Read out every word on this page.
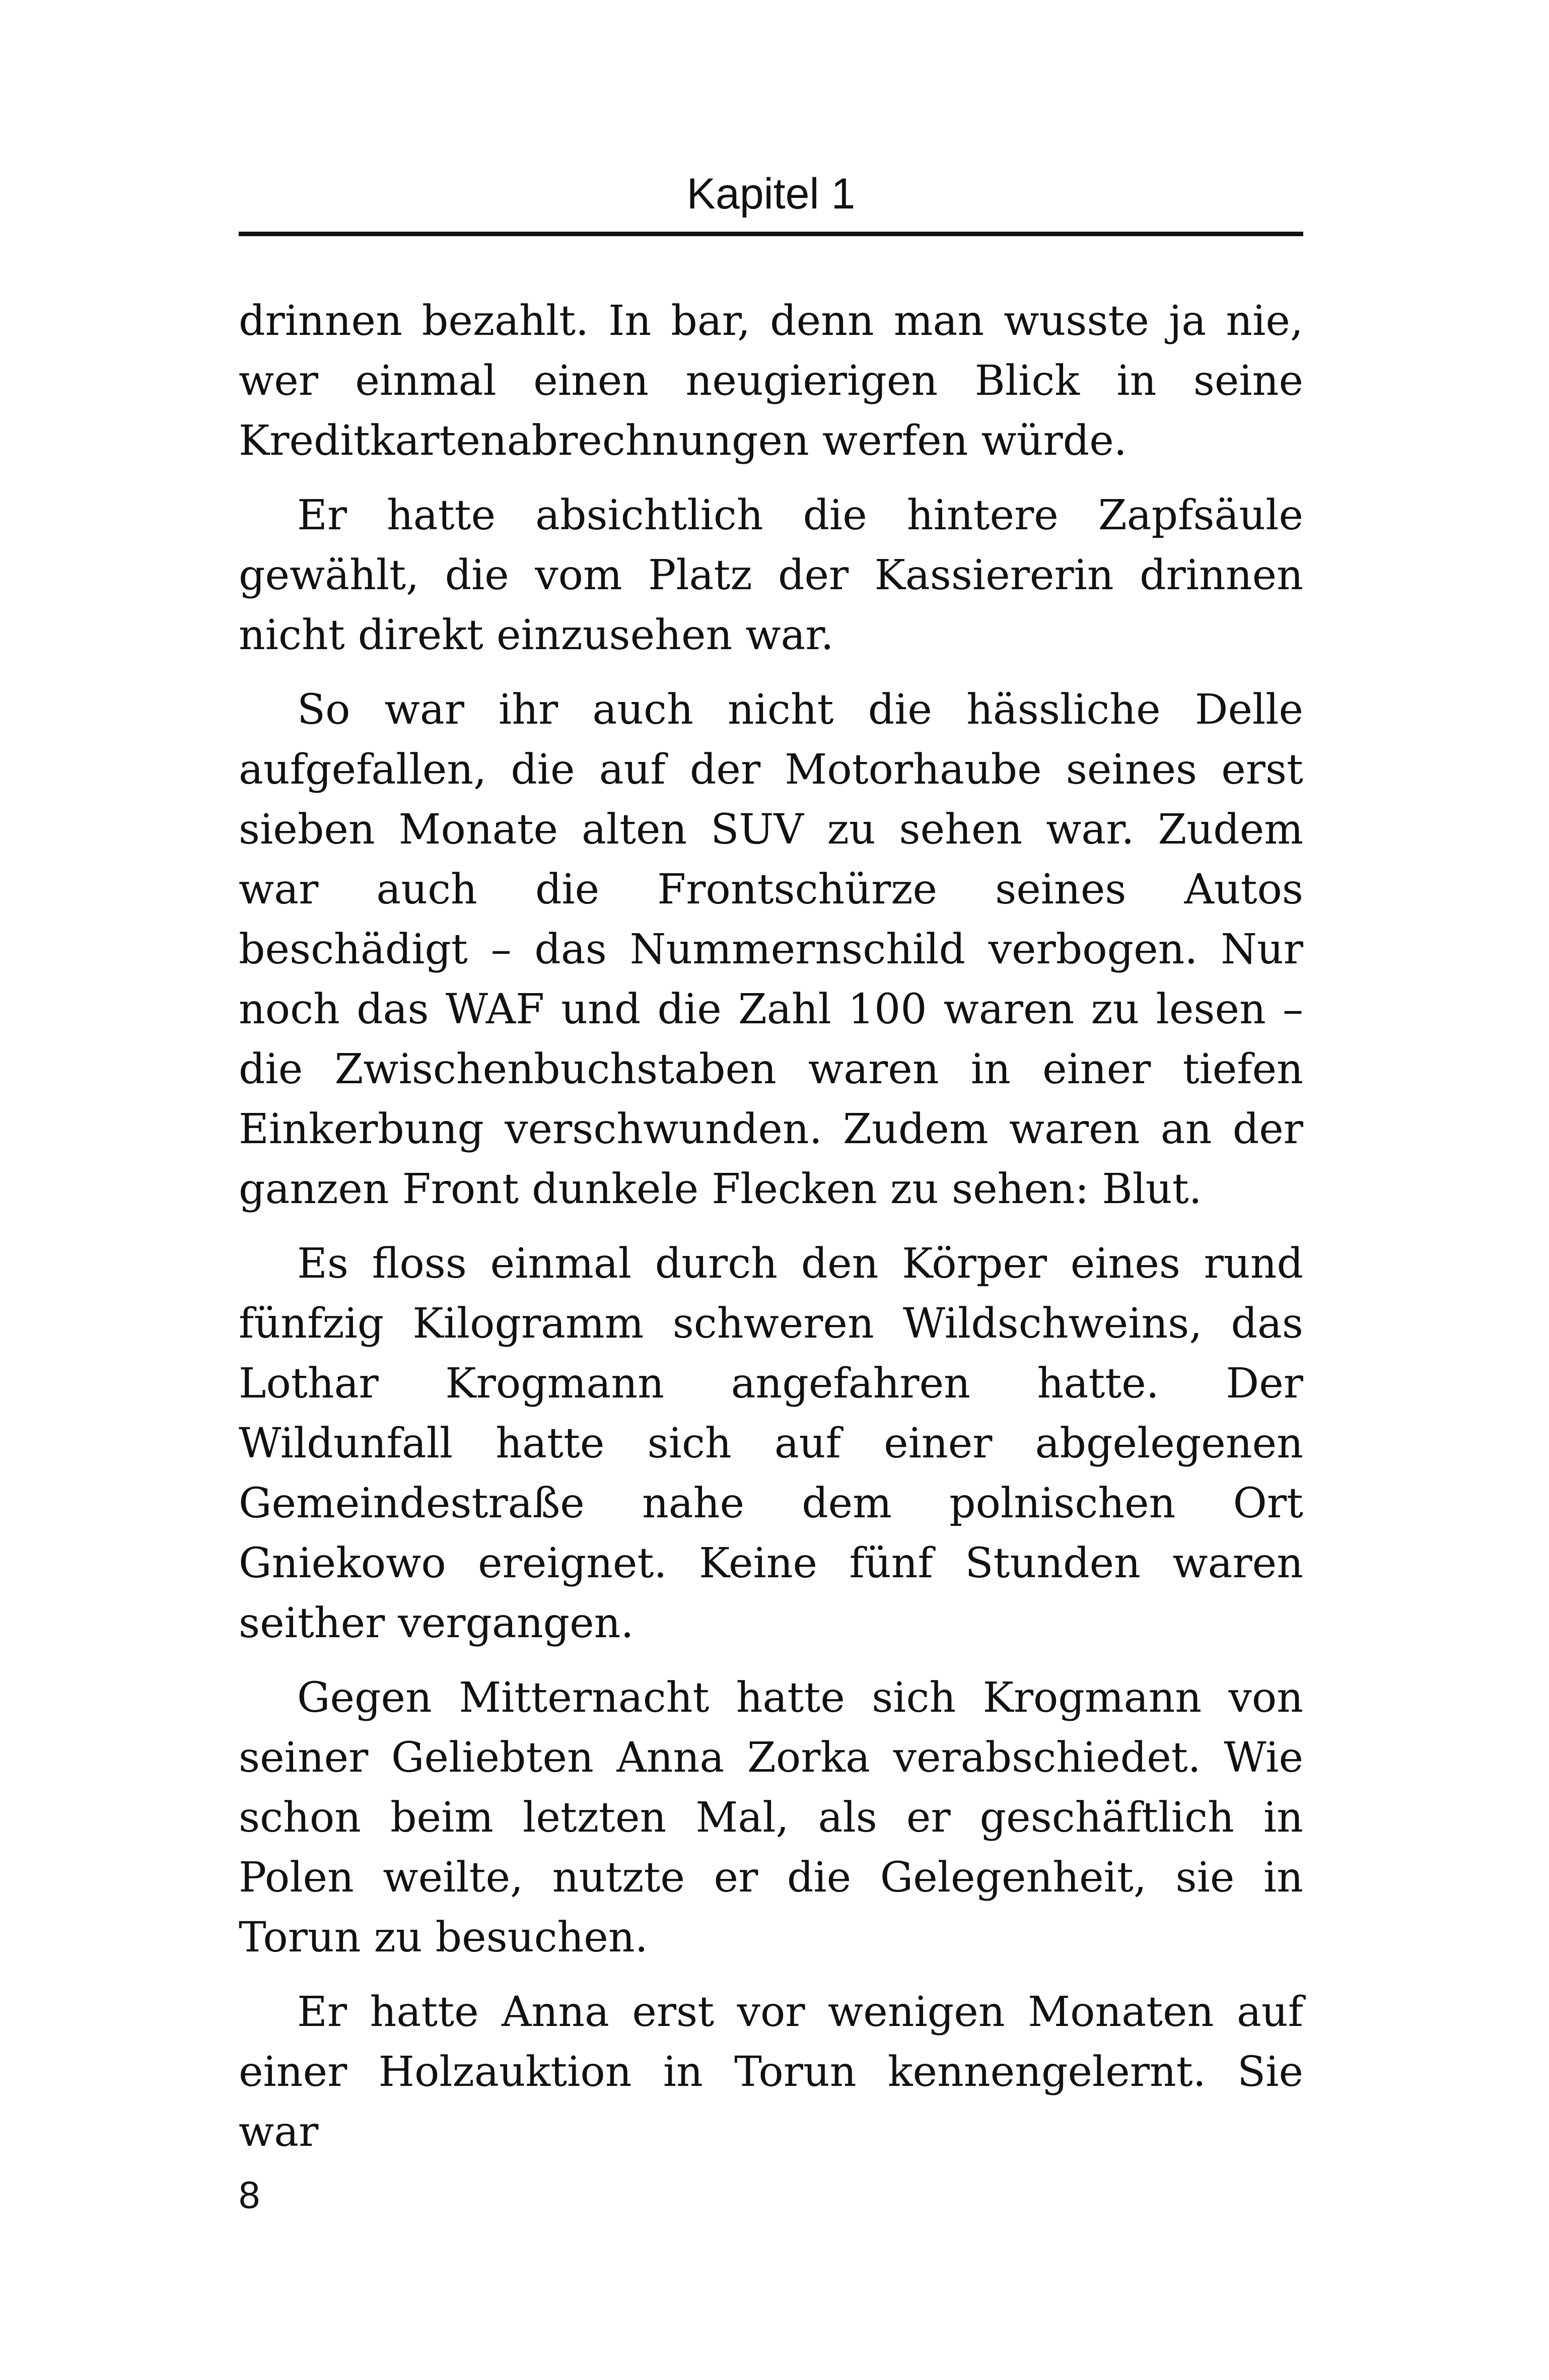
Kapitel 1

drinnen bezahlt. In bar, denn man wusste ja nie, wer einmal einen neugierigen Blick in seine Kreditkartenabrechnungen werfen würde.

Er hatte absichtlich die hintere Zapfsäule gewählt, die vom Platz der Kassiererin drinnen nicht direkt einzusehen war.

So war ihr auch nicht die hässliche Delle aufgefallen, die auf der Motorhaube seines erst sieben Monate alten SUV zu sehen war. Zudem war auch die Frontschürze seines Autos beschädigt – das Nummernschild verbogen. Nur noch das WAF und die Zahl 100 waren zu lesen – die Zwischenbuchstaben waren in einer tiefen Einkerbung verschwunden. Zudem waren an der ganzen Front dunkele Flecken zu sehen: Blut.

Es floss einmal durch den Körper eines rund fünfzig Kilogramm schweren Wildschweins, das Lothar Krogmann angefahren hatte. Der Wildunfall hatte sich auf einer abgelegenen Gemeindestraße nahe dem polnischen Ort Gniekowo ereignet. Keine fünf Stunden waren seither vergangen.

Gegen Mitternacht hatte sich Krogmann von seiner Geliebten Anna Zorka verabschiedet. Wie schon beim letzten Mal, als er geschäftlich in Polen weilte, nutzte er die Gelegenheit, sie in Torun zu besuchen.

Er hatte Anna erst vor wenigen Monaten auf einer Holzauktion in Torun kennengelernt. Sie war

8
